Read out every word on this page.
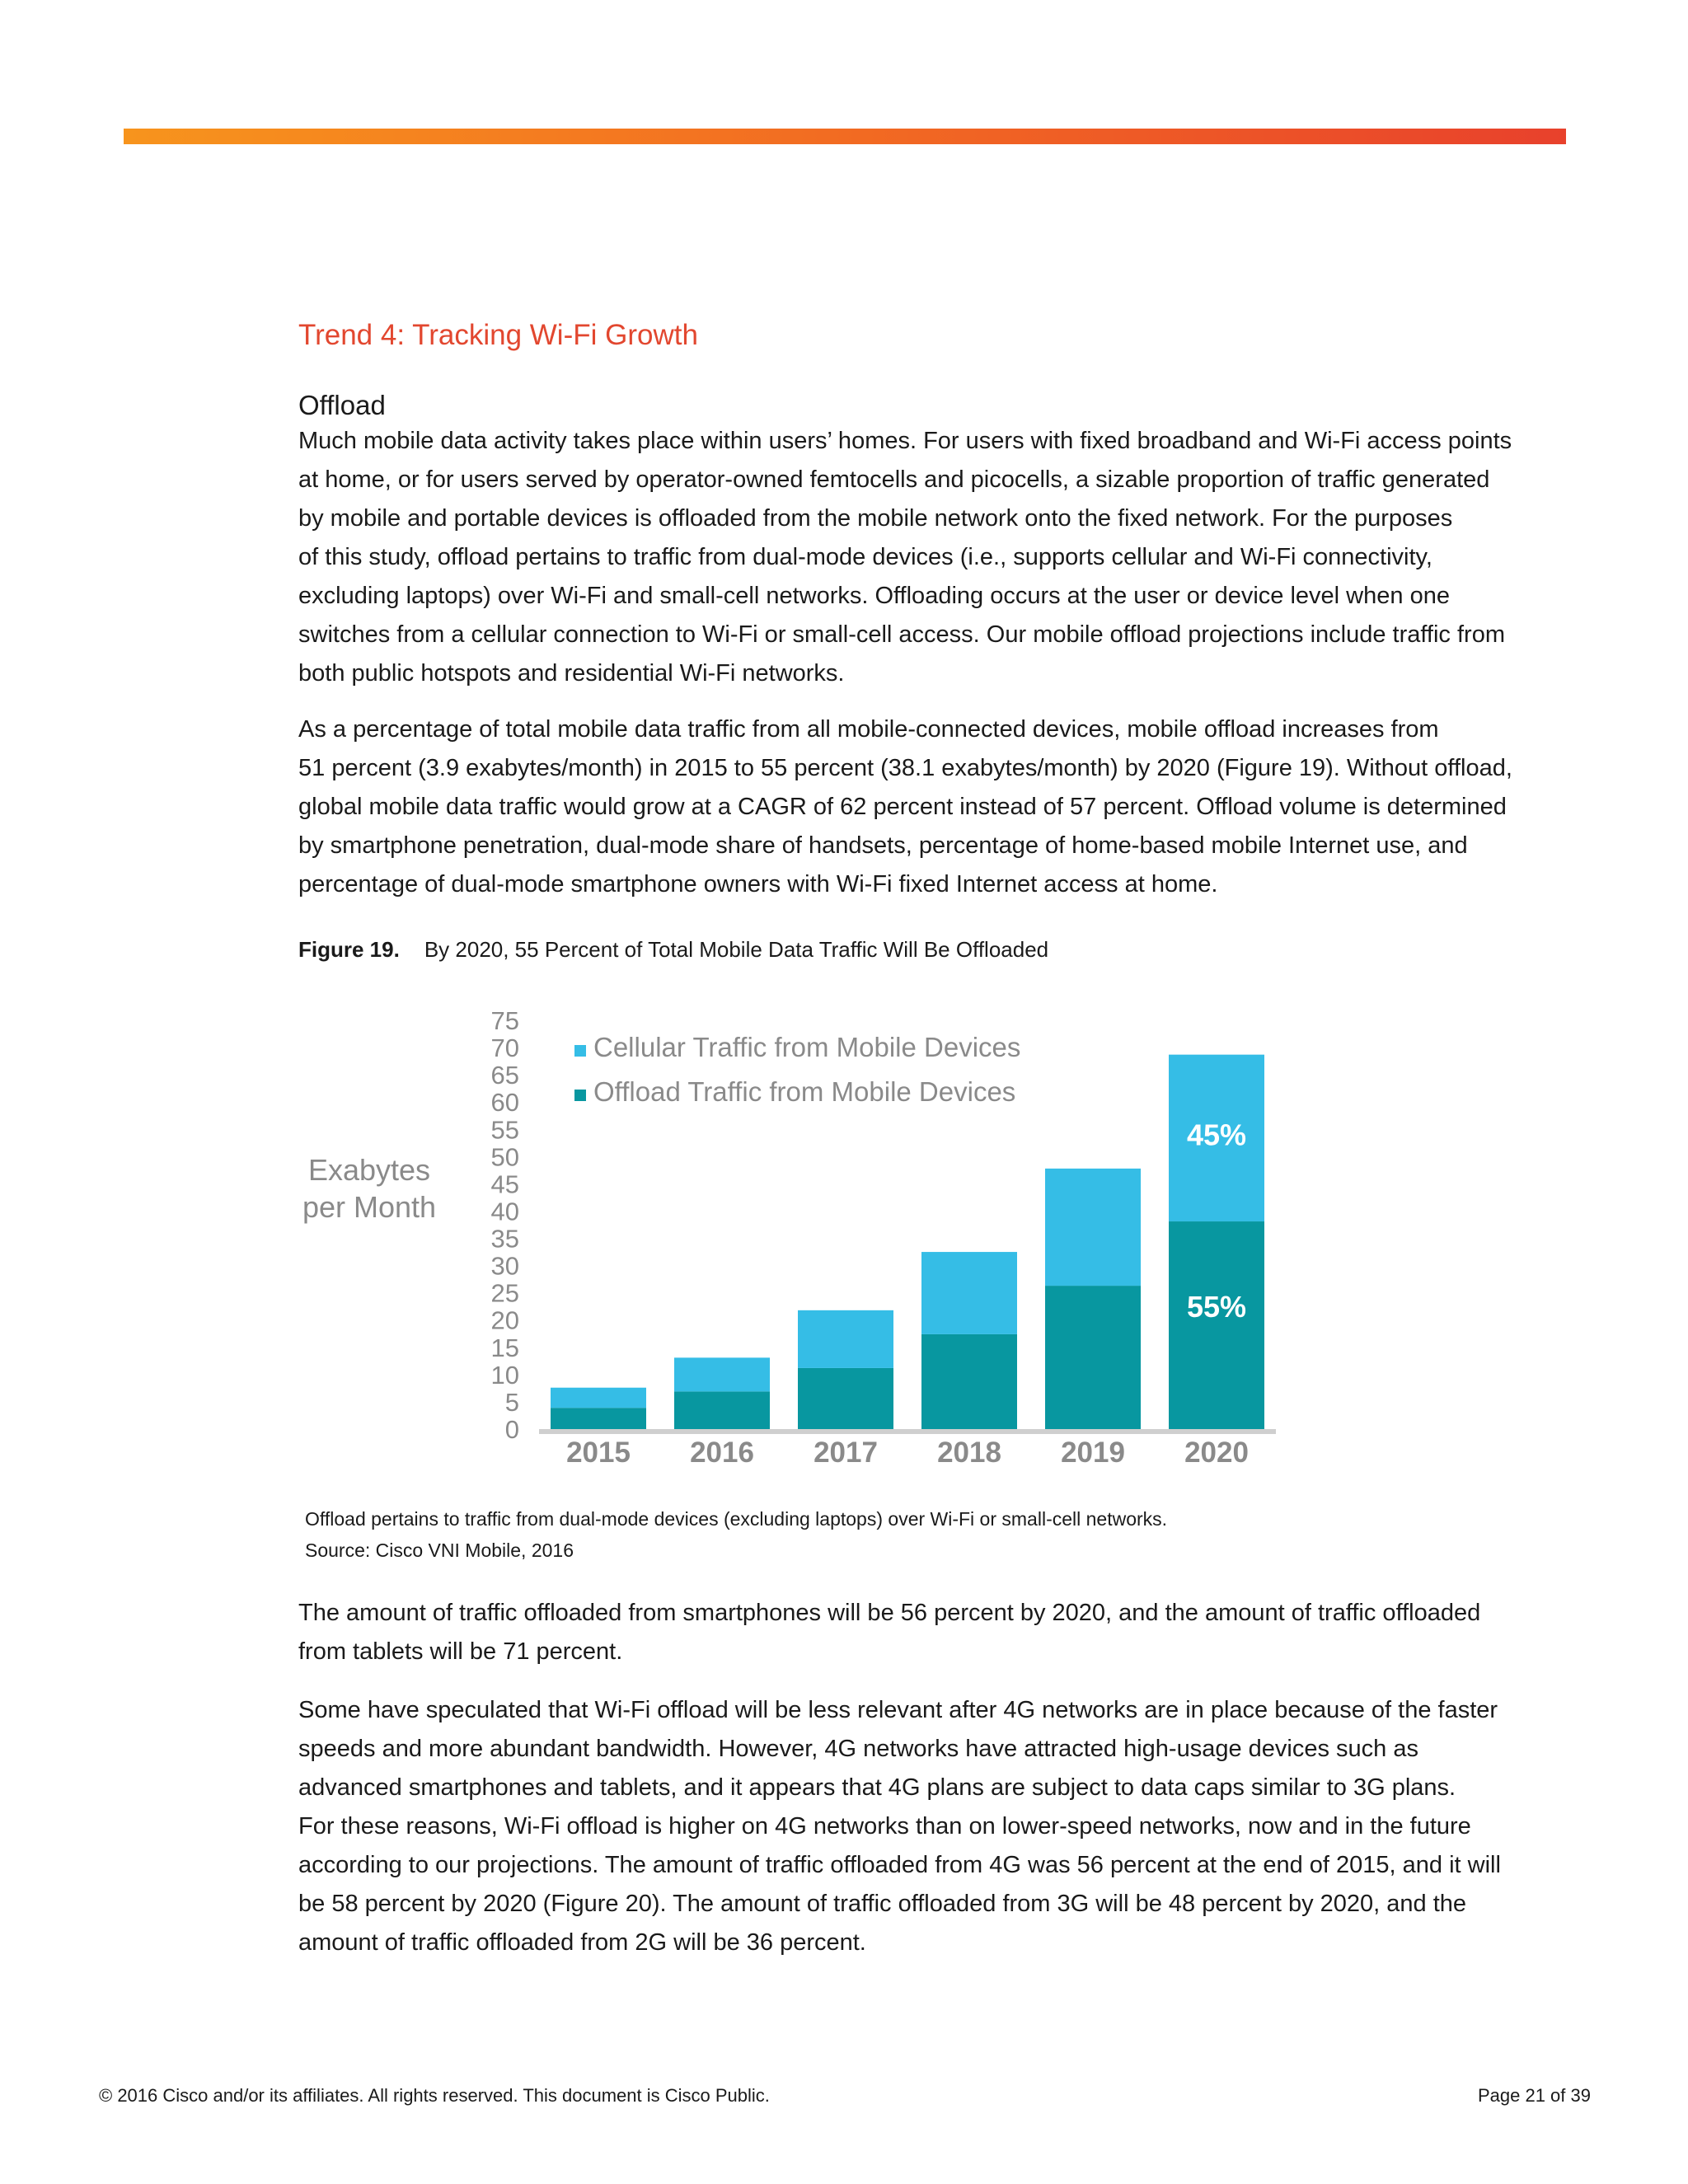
Trend 4: Tracking Wi-Fi Growth
Offload

Much mobile data activity takes place within users’ homes. For users with fixed broadband and Wi-Fi access points
at home, or for users served by operator-owned femtocells and picocells, a sizable proportion of traffic generated
by mobile and portable devices is offloaded from the mobile network onto the fixed network. For the purposes
of this study, offload pertains to traffic from dual-mode devices (i.e., supports cellular and Wi-Fi connectivity,
excluding laptops) over Wi-Fi and small-cell networks. Offloading occurs at the user or device level when one
switches from a cellular connection to Wi-Fi or small-cell access. Our mobile offload projections include traffic from
both public hotspots and residential Wi-Fi networks.

As a percentage of total mobile data traffic from all mobile-connected devices, mobile offload increases from
51 percent (3.9 exabytes/month) in 2015 to 55 percent (38.1 exabytes/month) by 2020 (Figure 19). Without offload,
global mobile data traffic would grow at a CAGR of 62 percent instead of 57 percent. Offload volume is determined
by smartphone penetration, dual-mode share of handsets, percentage of home-based mobile Internet use, and
percentage of dual-mode smartphone owners with Wi-Fi fixed Internet access at home.

Figure 19. By 2020, 55 Percent of Total Mobile Data Traffic Will Be Offloaded
Exabytes
per Month
0
5
10
15
20
25
30
35
40
45
50
55
60
65
70
75
2015 2016 2017 2018 2019 2020
Cellular Traffic from Mobile Devices
Offload Traffic from Mobile Devices
45%
55%
Offload pertains to traffic from dual-mode devices (excluding laptops) over Wi-Fi or small-cell networks.
Source: Cisco VNI Mobile, 2016

The amount of traffic offloaded from smartphones will be 56 percent by 2020, and the amount of traffic offloaded
from tablets will be 71 percent.

Some have speculated that Wi-Fi offload will be less relevant after 4G networks are in place because of the faster
speeds and more abundant bandwidth. However, 4G networks have attracted high-usage devices such as
advanced smartphones and tablets, and it appears that 4G plans are subject to data caps similar to 3G plans.
For these reasons, Wi-Fi offload is higher on 4G networks than on lower-speed networks, now and in the future
according to our projections. The amount of traffic offloaded from 4G was 56 percent at the end of 2015, and it will
be 58 percent by 2020 (Figure 20). The amount of traffic offloaded from 3G will be 48 percent by 2020, and the
amount of traffic offloaded from 2G will be 36 percent.

© 2016 Cisco and/or its affiliates. All rights reserved. This document is Cisco Public.	Page 21 of 39
